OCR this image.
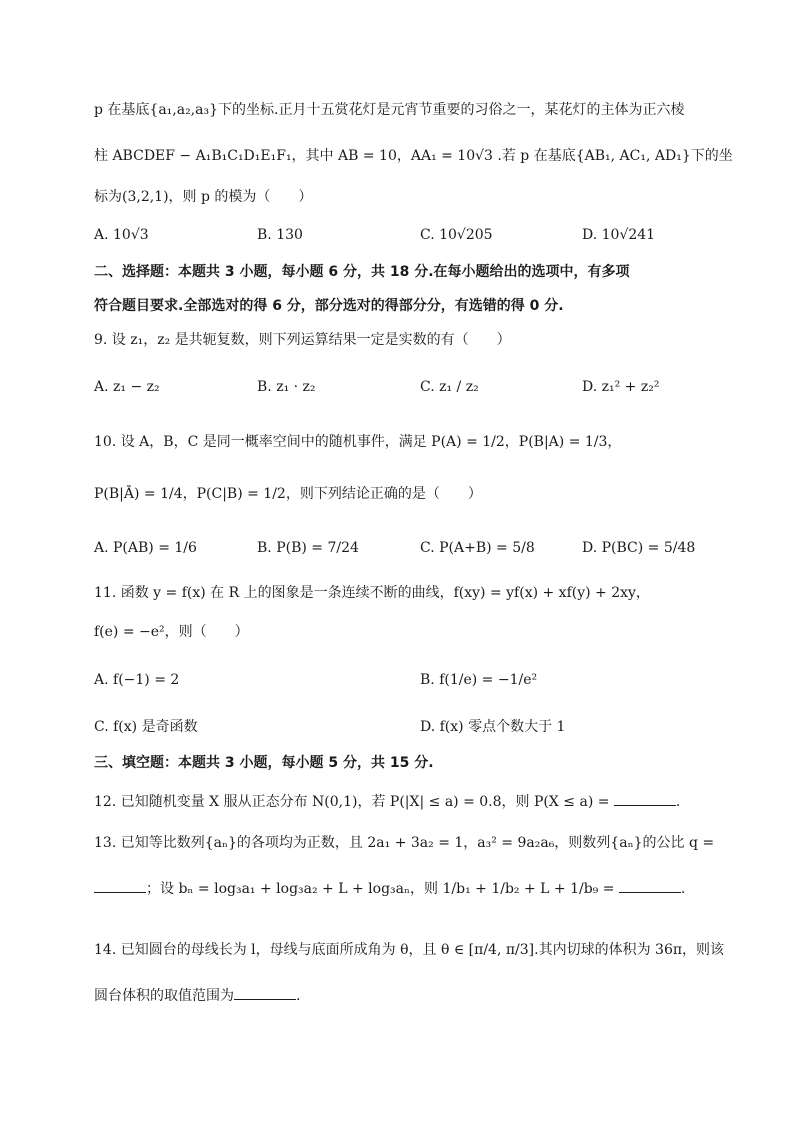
p 在基底{a₁,a₂,a₃}下的坐标.正月十五赏花灯是元宵节重要的习俗之一，某花灯的主体为正六棱
柱 ABCDEF − A₁B₁C₁D₁E₁F₁，其中 AB = 10，AA₁ = 10√3 .若 p 在基底{AB₁, AC₁, AD₁}下的坐
标为(3,2,1)，则 p 的模为（　　）
A. 10√3	B. 130	C. 10√205	D. 10√241
二、选择题：本题共 3 小题，每小题 6 分，共 18 分.在每小题给出的选项中，有多项
符合题目要求.全部选对的得 6 分，部分选对的得部分分，有选错的得 0 分.
9. 设 z₁，z₂ 是共轭复数，则下列运算结果一定是实数的有（　　）
A. z₁ − z₂	B. z₁ · z₂	C. z₁ / z₂	D. z₁² + z₂²
10. 设 A，B，C 是同一概率空间中的随机事件，满足 P(A) = 1/2，P(B|A) = 1/3，
P(B|Ā) = 1/4，P(C|B) = 1/2，则下列结论正确的是（　　）
A. P(AB) = 1/6	B. P(B) = 7/24	C. P(A+B) = 5/8	D. P(BC) = 5/48
11. 函数 y = f(x) 在 R 上的图象是一条连续不断的曲线，f(xy) = yf(x) + xf(y) + 2xy，
f(e) = −e²，则（　　）
A. f(−1) = 2	B. f(1/e) = −1/e²
C. f(x) 是奇函数	D. f(x) 零点个数大于 1
三、填空题：本题共 3 小题，每小题 5 分，共 15 分.
12. 已知随机变量 X 服从正态分布 N(0,1)，若 P(|X| ≤ a) = 0.8，则 P(X ≤ a) =	.
13. 已知等比数列{aₙ}的各项均为正数，且 2a₁ + 3a₂ = 1，a₃² = 9a₂a₆，则数列{aₙ}的公比 q =
；设 bₙ = log₃a₁ + log₃a₂ + L + log₃aₙ，则 1/b₁ + 1/b₂ + L + 1/b₉ =	.
14. 已知圆台的母线长为 l，母线与底面所成角为 θ，且 θ ∈ [π/4, π/3].其内切球的体积为 36π，则该
圆台体积的取值范围为	.
